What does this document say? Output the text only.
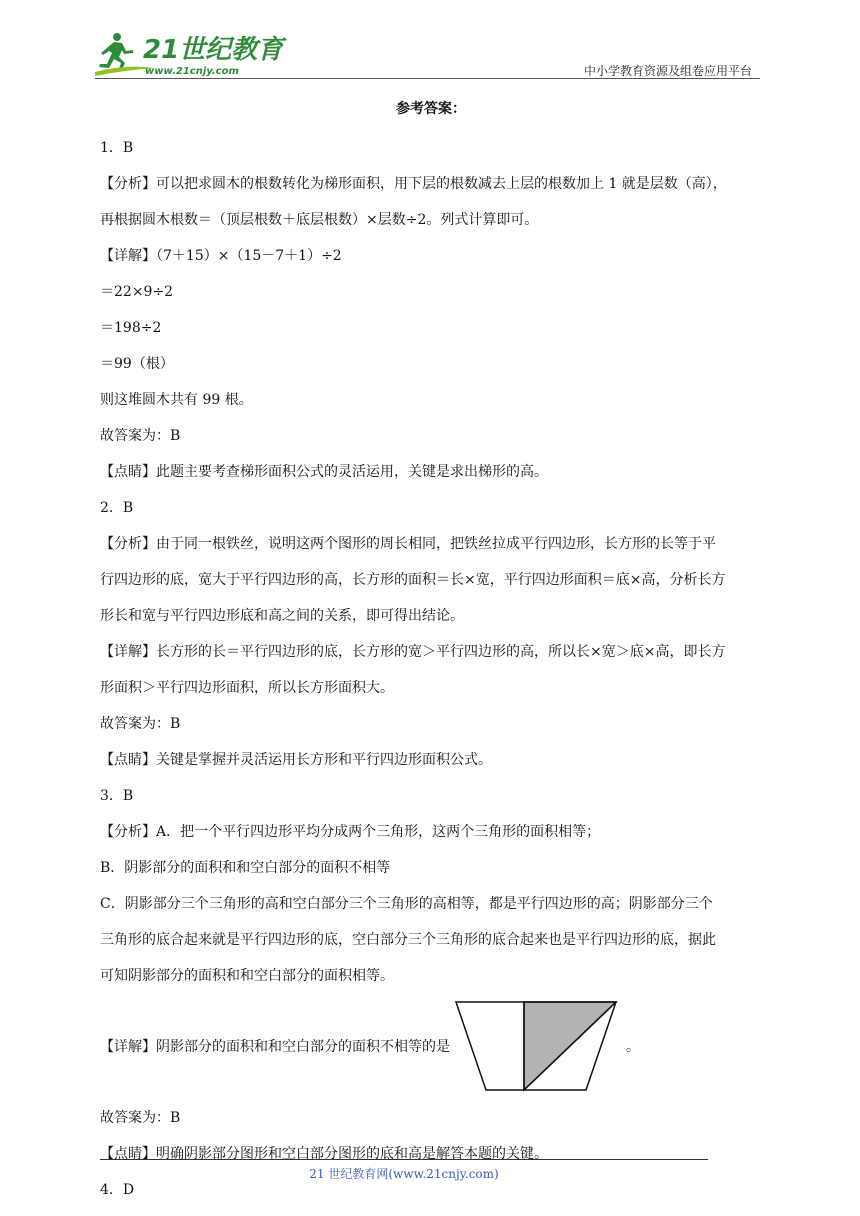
21世纪教育
www.21cnjy.com	中小学教育资源及组卷应用平台
参考答案：

1．B

【分析】可以把求圆木的根数转化为梯形面积，用下层的根数减去上层的根数加上 1 就是层数（高），

再根据圆木根数＝（顶层根数＋底层根数）×层数÷2。列式计算即可。

【详解】（7＋15）×（15－7＋1）÷2

＝22×9÷2

＝198÷2

＝99（根）

则这堆圆木共有 99 根。

故答案为：B

【点睛】此题主要考查梯形面积公式的灵活运用，关键是求出梯形的高。

2．B

【分析】由于同一根铁丝，说明这两个图形的周长相同，把铁丝拉成平行四边形，长方形的长等于平

行四边形的底，宽大于平行四边形的高，长方形的面积＝长×宽，平行四边形面积＝底×高，分析长方

形长和宽与平行四边形底和高之间的关系，即可得出结论。

【详解】长方形的长＝平行四边形的底，长方形的宽＞平行四边形的高，所以长×宽＞底×高，即长方

形面积＞平行四边形面积，所以长方形面积大。

故答案为：B

【点睛】关键是掌握并灵活运用长方形和平行四边形面积公式。

3．B

【分析】A．把一个平行四边形平均分成两个三角形，这两个三角形的面积相等；

B．阴影部分的面积和和空白部分的面积不相等

C．阴影部分三个三角形的高和空白部分三个三角形的高相等，都是平行四边形的高；阴影部分三个

三角形的底合起来就是平行四边形的底，空白部分三个三角形的底合起来也是平行四边形的底，据此

可知阴影部分的面积和和空白部分的面积相等。

【详解】阴影部分的面积和和空白部分的面积不相等的是	。

故答案为：B

【点睛】明确阴影部分图形和空白部分图形的底和高是解答本题的关键。

4．D

21 世纪教育网(www.21cnjy.com)
